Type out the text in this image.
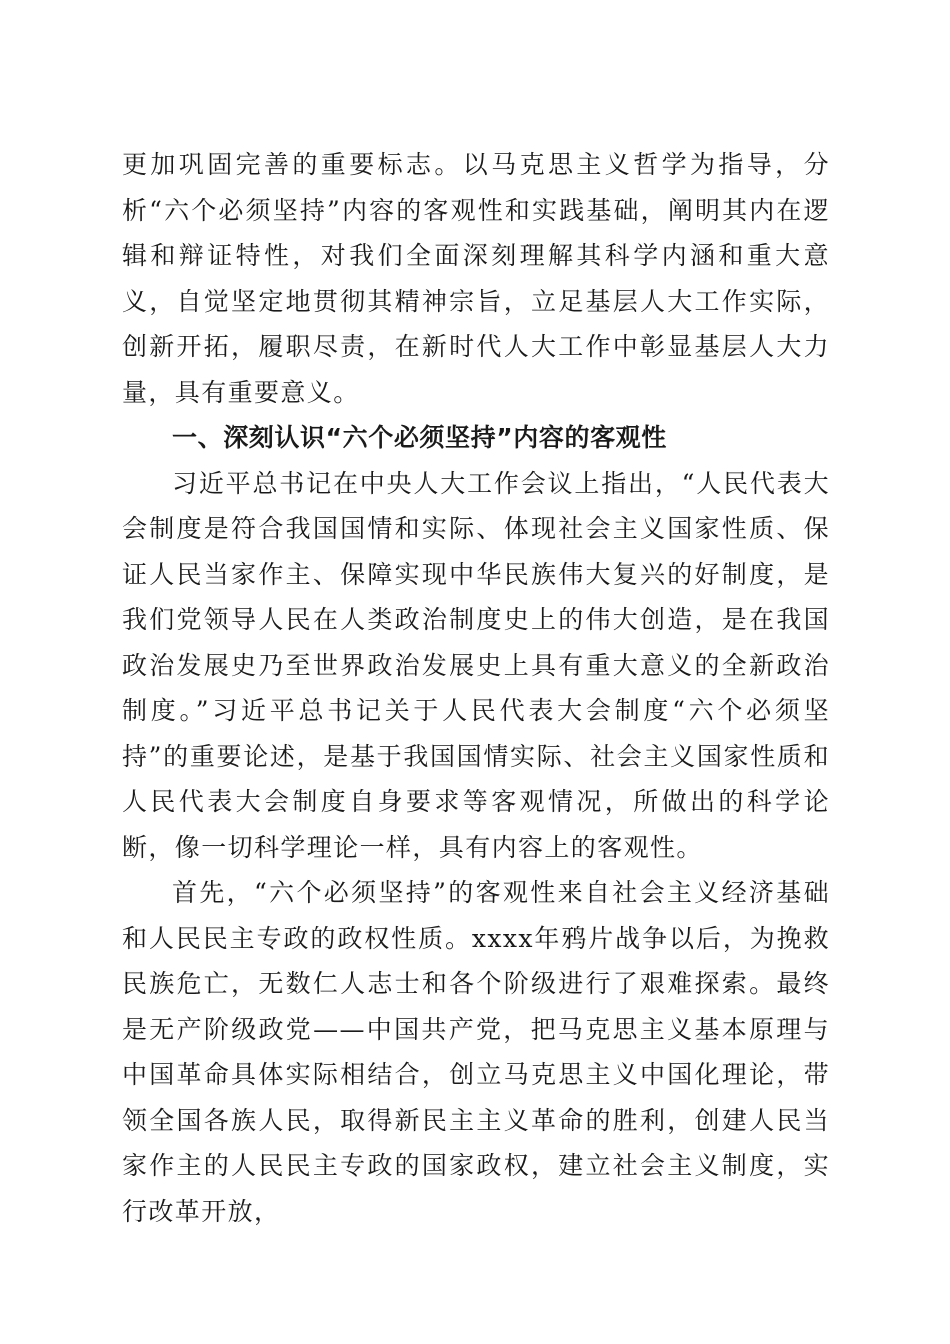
更加巩固完善的重要标志。以马克思主义哲学为指导，分析“六个必须坚持”内容的客观性和实践基础，阐明其内在逻辑和辩证特性，对我们全面深刻理解其科学内涵和重大意义，自觉坚定地贯彻其精神宗旨，立足基层人大工作实际，创新开拓，履职尽责，在新时代人大工作中彰显基层人大力量，具有重要意义。

一、深刻认识“六个必须坚持”内容的客观性

习近平总书记在中央人大工作会议上指出，“人民代表大会制度是符合我国国情和实际、体现社会主义国家性质、保证人民当家作主、保障实现中华民族伟大复兴的好制度，是我们党领导人民在人类政治制度史上的伟大创造，是在我国政治发展史乃至世界政治发展史上具有重大意义的全新政治制度。”习近平总书记关于人民代表大会制度“六个必须坚持”的重要论述，是基于我国国情实际、社会主义国家性质和人民代表大会制度自身要求等客观情况，所做出的科学论断，像一切科学理论一样，具有内容上的客观性。

首先，“六个必须坚持”的客观性来自社会主义经济基础和人民民主专政的政权性质。xxxx年鸦片战争以后，为挽救民族危亡，无数仁人志士和各个阶级进行了艰难探索。最终是无产阶级政党——中国共产党，把马克思主义基本原理与中国革命具体实际相结合，创立马克思主义中国化理论，带领全国各族人民，取得新民主主义革命的胜利，创建人民当家作主的人民民主专政的国家政权，建立社会主义制度，实行改革开放，
